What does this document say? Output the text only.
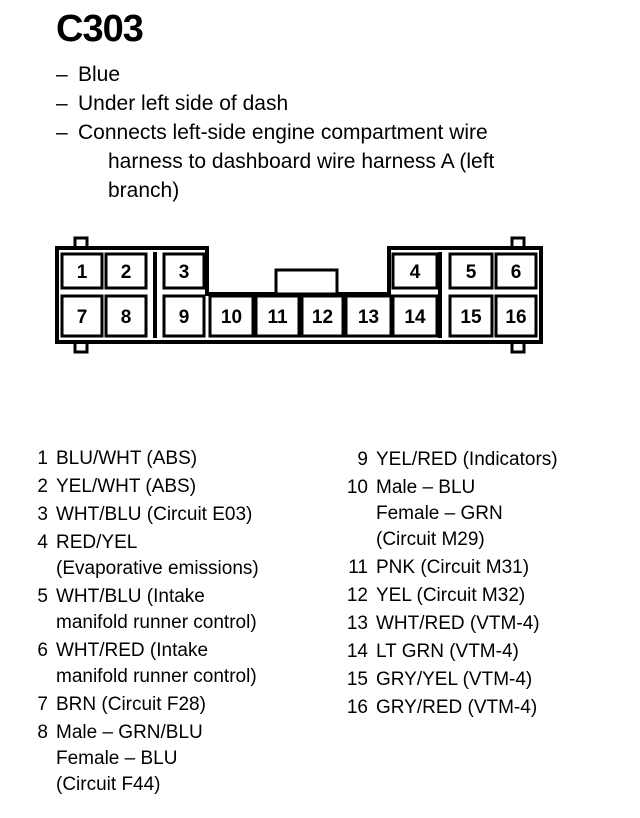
C303
– Blue
– Under left side of dash
– Connects left-side engine compartment wire
harness to dashboard wire harness A (left
branch)
1 2 3	4 5 6
7 8 9 10 11 12 13 14 15 16
1 BLU/WHT (ABS)
2 YEL/WHT (ABS)
3 WHT/BLU (Circuit E03)
4 RED/YEL
(Evaporative emissions)
5 WHT/BLU (Intake
manifold runner control)
6 WHT/RED (Intake
manifold runner control)
7 BRN (Circuit F28)
8 Male – GRN/BLU
Female – BLU
(Circuit F44)
9 YEL/RED (Indicators)
10 Male – BLU
Female – GRN
(Circuit M29)
11 PNK (Circuit M31)
12 YEL (Circuit M32)
13 WHT/RED (VTM-4)
14 LT GRN (VTM-4)
15 GRY/YEL (VTM-4)
16 GRY/RED (VTM-4)
